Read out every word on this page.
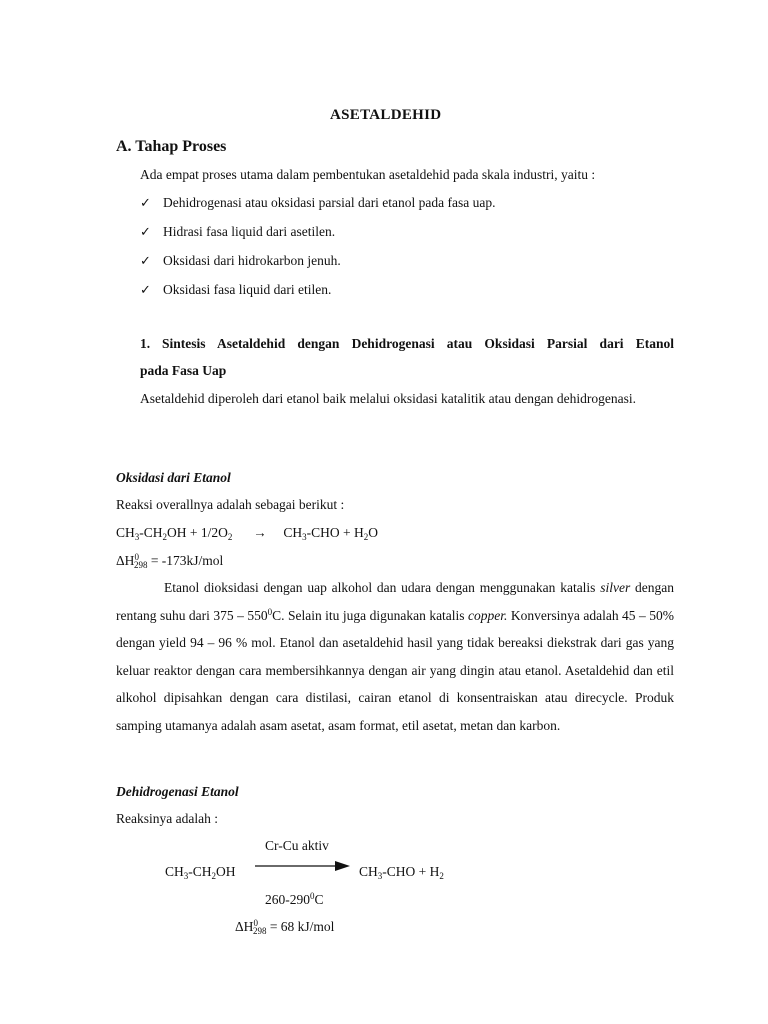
ASETALDEHID
A. Tahap Proses
Ada empat proses utama dalam pembentukan asetaldehid pada skala industri, yaitu :
✓ Dehidrogenasi atau oksidasi parsial dari etanol pada fasa uap.
✓ Hidrasi fasa liquid dari asetilen.
✓ Oksidasi dari hidrokarbon jenuh.
✓ Oksidasi fasa liquid dari etilen.
1. Sintesis Asetaldehid dengan Dehidrogenasi atau Oksidasi Parsial dari Etanol
pada Fasa Uap
Asetaldehid diperoleh dari etanol baik melalui oksidasi katalitik atau dengan dehidrogenasi.
Oksidasi dari Etanol
Reaksi overallnya adalah sebagai berikut :
$CH_3-CH_2OH + 1/2O_2 \to CH_3-CHO + H_2O$
$\Delta H^0_{298} = -173kJ/mol$
Etanol dioksidasi dengan uap alkohol dan udara dengan menggunakan katalis silver dengan rentang suhu dari $375 - 550^0C$. Selain itu juga digunakan katalis copper. Konversinya adalah 45 – 50% dengan yield 94 – 96 % mol. Etanol dan asetaldehid hasil yang tidak bereaksi diekstrak dari gas yang keluar reaktor dengan cara membersihkannya dengan air yang dingin atau etanol. Asetaldehid dan etil alkohol dipisahkan dengan cara distilasi, cairan etanol di konsentraiskan atau direcycle. Produk samping utamanya adalah asam asetat, asam format, etil asetat, metan dan karbon.
Dehidrogenasi Etanol
Reaksinya adalah :
Cr-Cu aktiv
$CH_3-CH_2OH$	$CH_3$-CHO + $H_2$
$260-290^0C$
$\Delta H^0_{298} = 68$ kJ/mol
